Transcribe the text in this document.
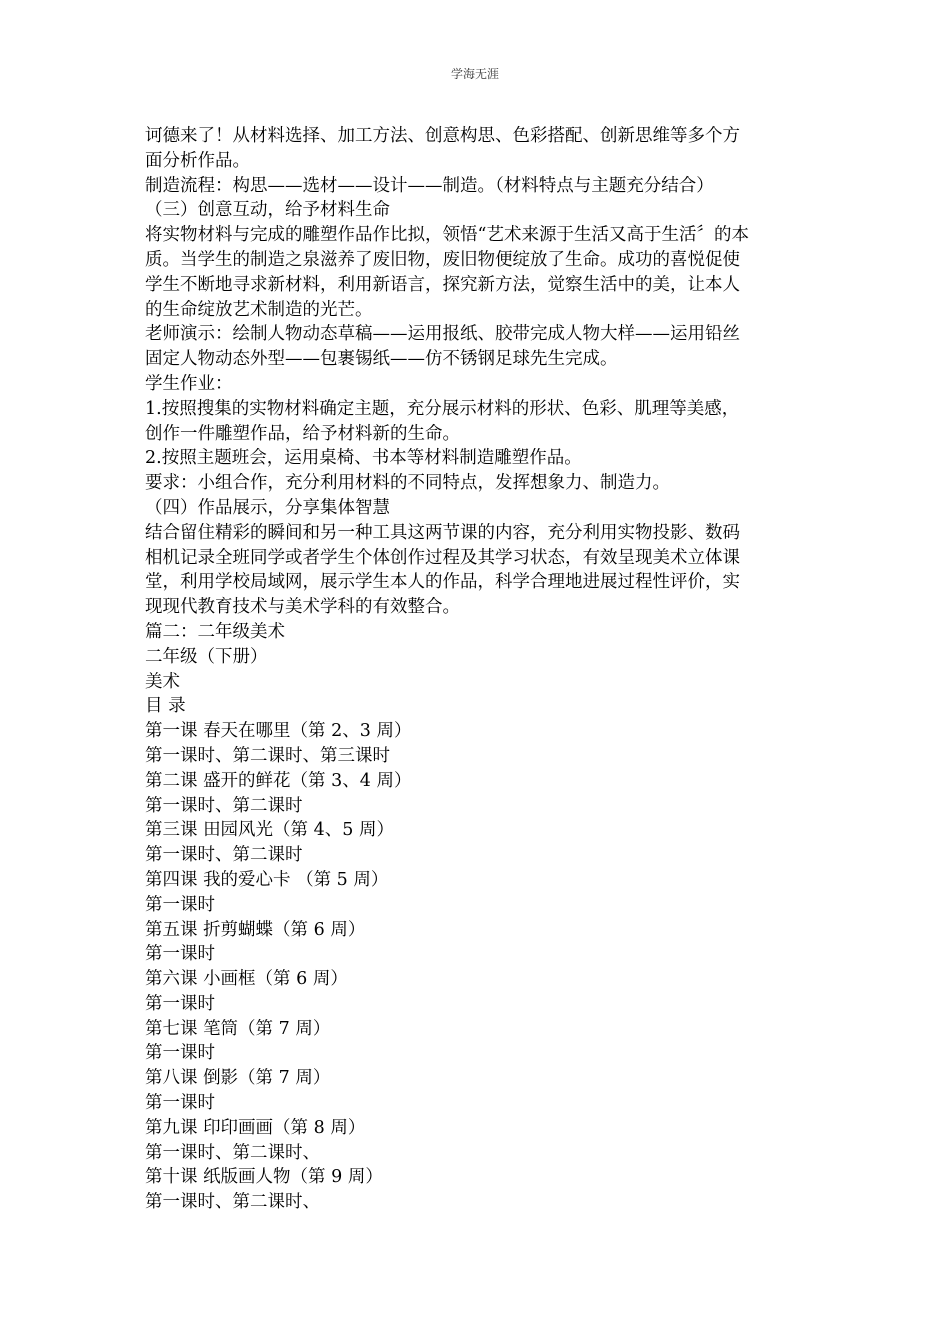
学海无涯
诃德来了！从材料选择、加工方法、创意构思、色彩搭配、创新思维等多个方
面分析作品。
制造流程：构思——选材——设计——制造。（材料特点与主题充分结合）
（三）创意互动，给予材料生命
将实物材料与完成的雕塑作品作比拟，领悟“艺术来源于生活又高于生活〞的本
质。当学生的制造之泉滋养了废旧物，废旧物便绽放了生命。成功的喜悦促使
学生不断地寻求新材料，利用新语言，探究新方法，觉察生活中的美，让本人
的生命绽放艺术制造的光芒。
老师演示：绘制人物动态草稿——运用报纸、胶带完成人物大样——运用铅丝
固定人物动态外型——包裹锡纸——仿不锈钢足球先生完成。
学生作业：
1.按照搜集的实物材料确定主题，充分展示材料的形状、色彩、肌理等美感，
创作一件雕塑作品，给予材料新的生命。
2.按照主题班会，运用桌椅、书本等材料制造雕塑作品。
要求：小组合作，充分利用材料的不同特点，发挥想象力、制造力。
（四）作品展示，分享集体智慧
结合留住精彩的瞬间和另一种工具这两节课的内容，充分利用实物投影、数码
相机记录全班同学或者学生个体创作过程及其学习状态，有效呈现美术立体课
堂，利用学校局域网，展示学生本人的作品，科学合理地进展过程性评价，实
现现代教育技术与美术学科的有效整合。
篇二：二年级美术
二年级（下册）
美术
目 录
第一课 春天在哪里（第 2、3 周）
第一课时、第二课时、第三课时
第二课 盛开的鲜花（第 3、4 周）
第一课时、第二课时
第三课 田园风光（第 4、5 周）
第一课时、第二课时
第四课 我的爱心卡 （第 5 周）
第一课时
第五课 折剪蝴蝶（第 6 周）
第一课时
第六课 小画框（第 6 周）
第一课时
第七课 笔筒（第 7 周）
第一课时
第八课 倒影（第 7 周）
第一课时
第九课 印印画画（第 8 周）
第一课时、第二课时、
第十课 纸版画人物（第 9 周）
第一课时、第二课时、
